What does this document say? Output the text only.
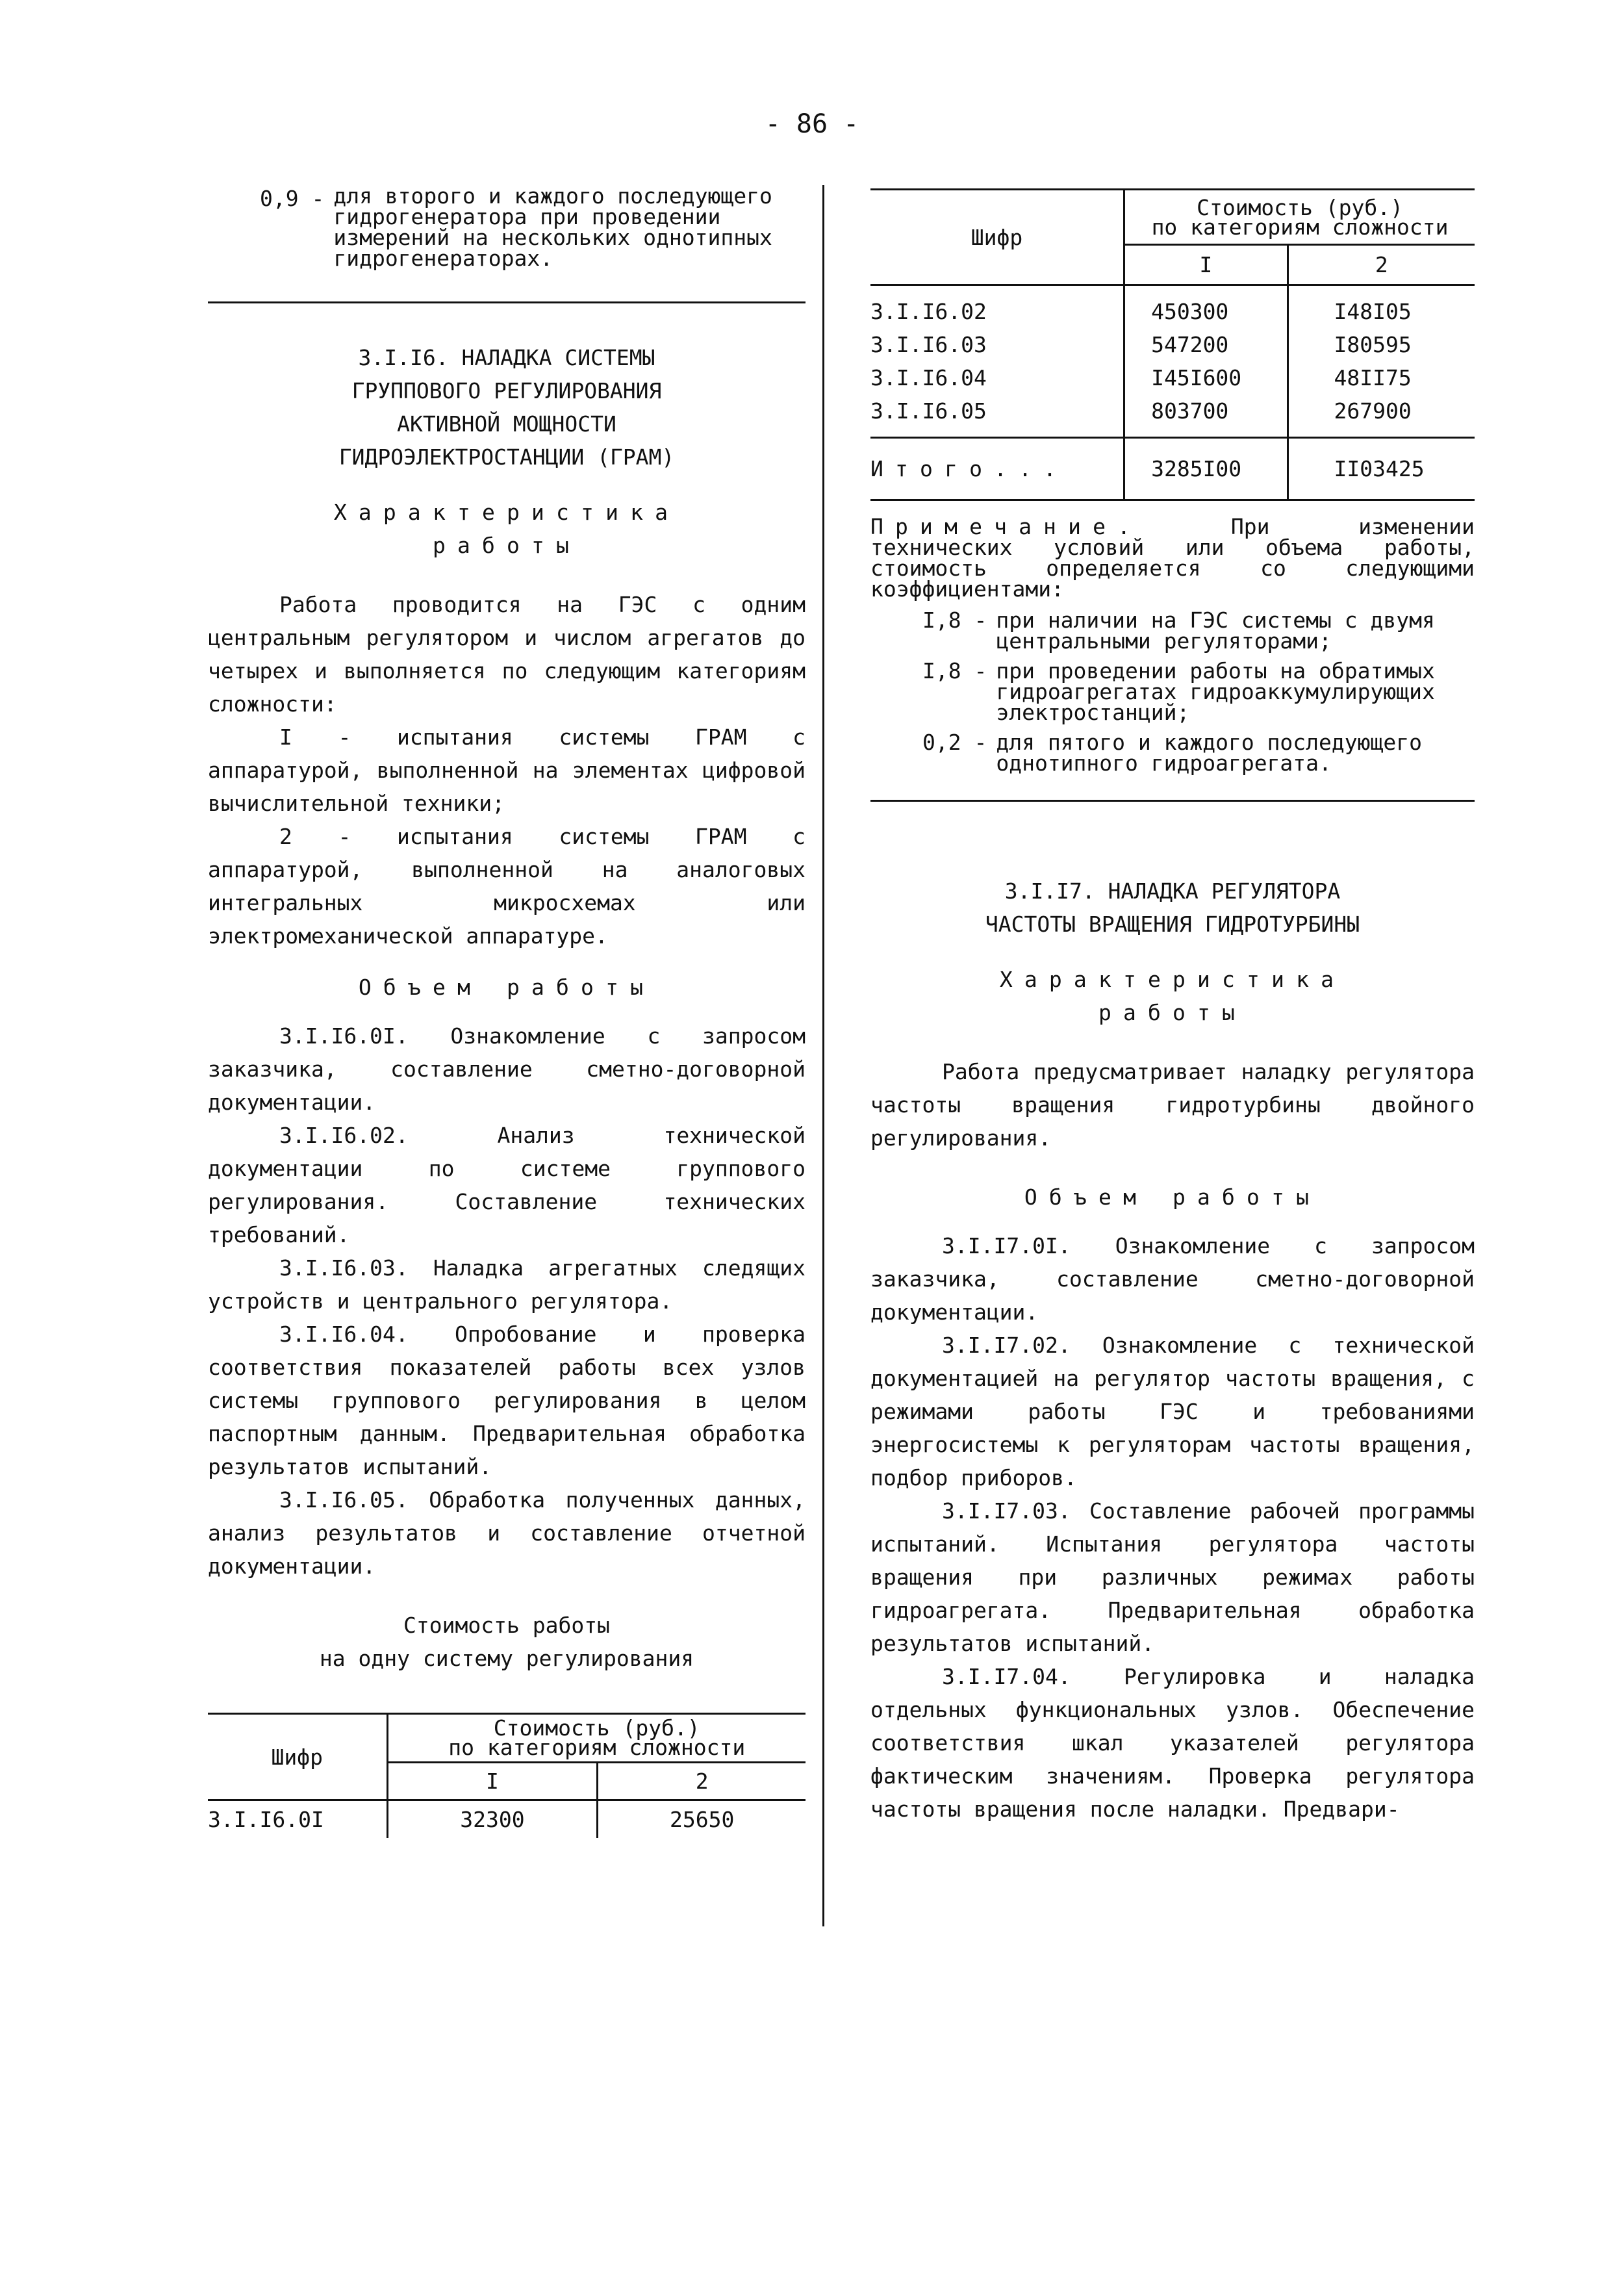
- 86 -
0,9 - для второго и каждого последующего гидрогенератора при проведении измерений на нескольких однотипных гидрогенераторах.
3.I.I6. НАЛАДКА СИСТЕМЫ
ГРУППОВОГО РЕГУЛИРОВАНИЯ
АКТИВНОЙ МОЩНОСТИ
ГИДРОЭЛЕКТРОСТАНЦИИ (ГРАМ)
Характеристика
работы

Работа проводится на ГЭС с одним центральным регулятором и числом агрегатов до четырех и выполняется по следующим категориям сложности:

I - испытания системы ГРАМ с аппаратурой, выполненной на элементах цифровой вычислительной техники;

2 - испытания системы ГРАМ с аппаратурой, выполненной на аналоговых интегральных микросхемах или электромеханической аппаратуре.

Объем работы

3.I.I6.0I. Ознакомление с запросом заказчика, составление сметно-договорной документации.

3.I.I6.02. Анализ технической документации по системе группового регулирования. Составление технических требований.

3.I.I6.03. Наладка агрегатных следящих устройств и центрального регулятора.

3.I.I6.04. Опробование и проверка соответствия показателей работы всех узлов системы группового регулирования в целом паспортным данным. Предварительная обработка результатов испытаний.

3.I.I6.05. Обработка полученных данных, анализ результатов и составление отчетной документации.

Стоимость работы
на одну систему регулирования
Шифр	Стоимость (руб.)
по категориям сложности	

	I	2
3.I.I6.0I	32300	25650
Шифр	Стоимость (руб.)
по категориям сложности	

	I	2
3.I.I6.02	450300	I48I05
3.I.I6.03	547200	I80595
3.I.I6.04	I45I600	48II75
3.I.I6.05	803700	267900
Итого...	3285I00	II03425

Примечание.	При изменении технических условий или объема работы, стоимость определяется со следующими коэффициентами:

I,8 - при наличии на ГЭС системы с двумя центральными регуляторами;
I,8 - при проведении работы на обратимых гидроагрегатах гидроаккумулирующих электростанций;
0,2 - для пятого и каждого последующего однотипного гидроагрегата.
3.I.I7. НАЛАДКА РЕГУЛЯТОРА
ЧАСТОТЫ ВРАЩЕНИЯ ГИДРОТУРБИНЫ
Характеристика
работы

Работа предусматривает наладку регулятора частоты вращения гидротурбины двойного регулирования.

Объем работы

3.I.I7.0I. Ознакомление с запросом заказчика, составление сметно-договорной документации.

3.I.I7.02. Ознакомление с технической документацией на регулятор частоты вращения, с режимами работы ГЭС и требованиями энергосистемы к регуляторам частоты вращения, подбор приборов.

3.I.I7.03. Составление рабочей программы испытаний. Испытания регулятора частоты вращения при различных режимах работы гидроагрегата. Предварительная обработка результатов испытаний.

3.I.I7.04. Регулировка и наладка отдельных функциональных узлов. Обеспечение соответствия шкал указателей регулятора фактическим значениям. Проверка регулятора частоты вращения после наладки. Предвари-
